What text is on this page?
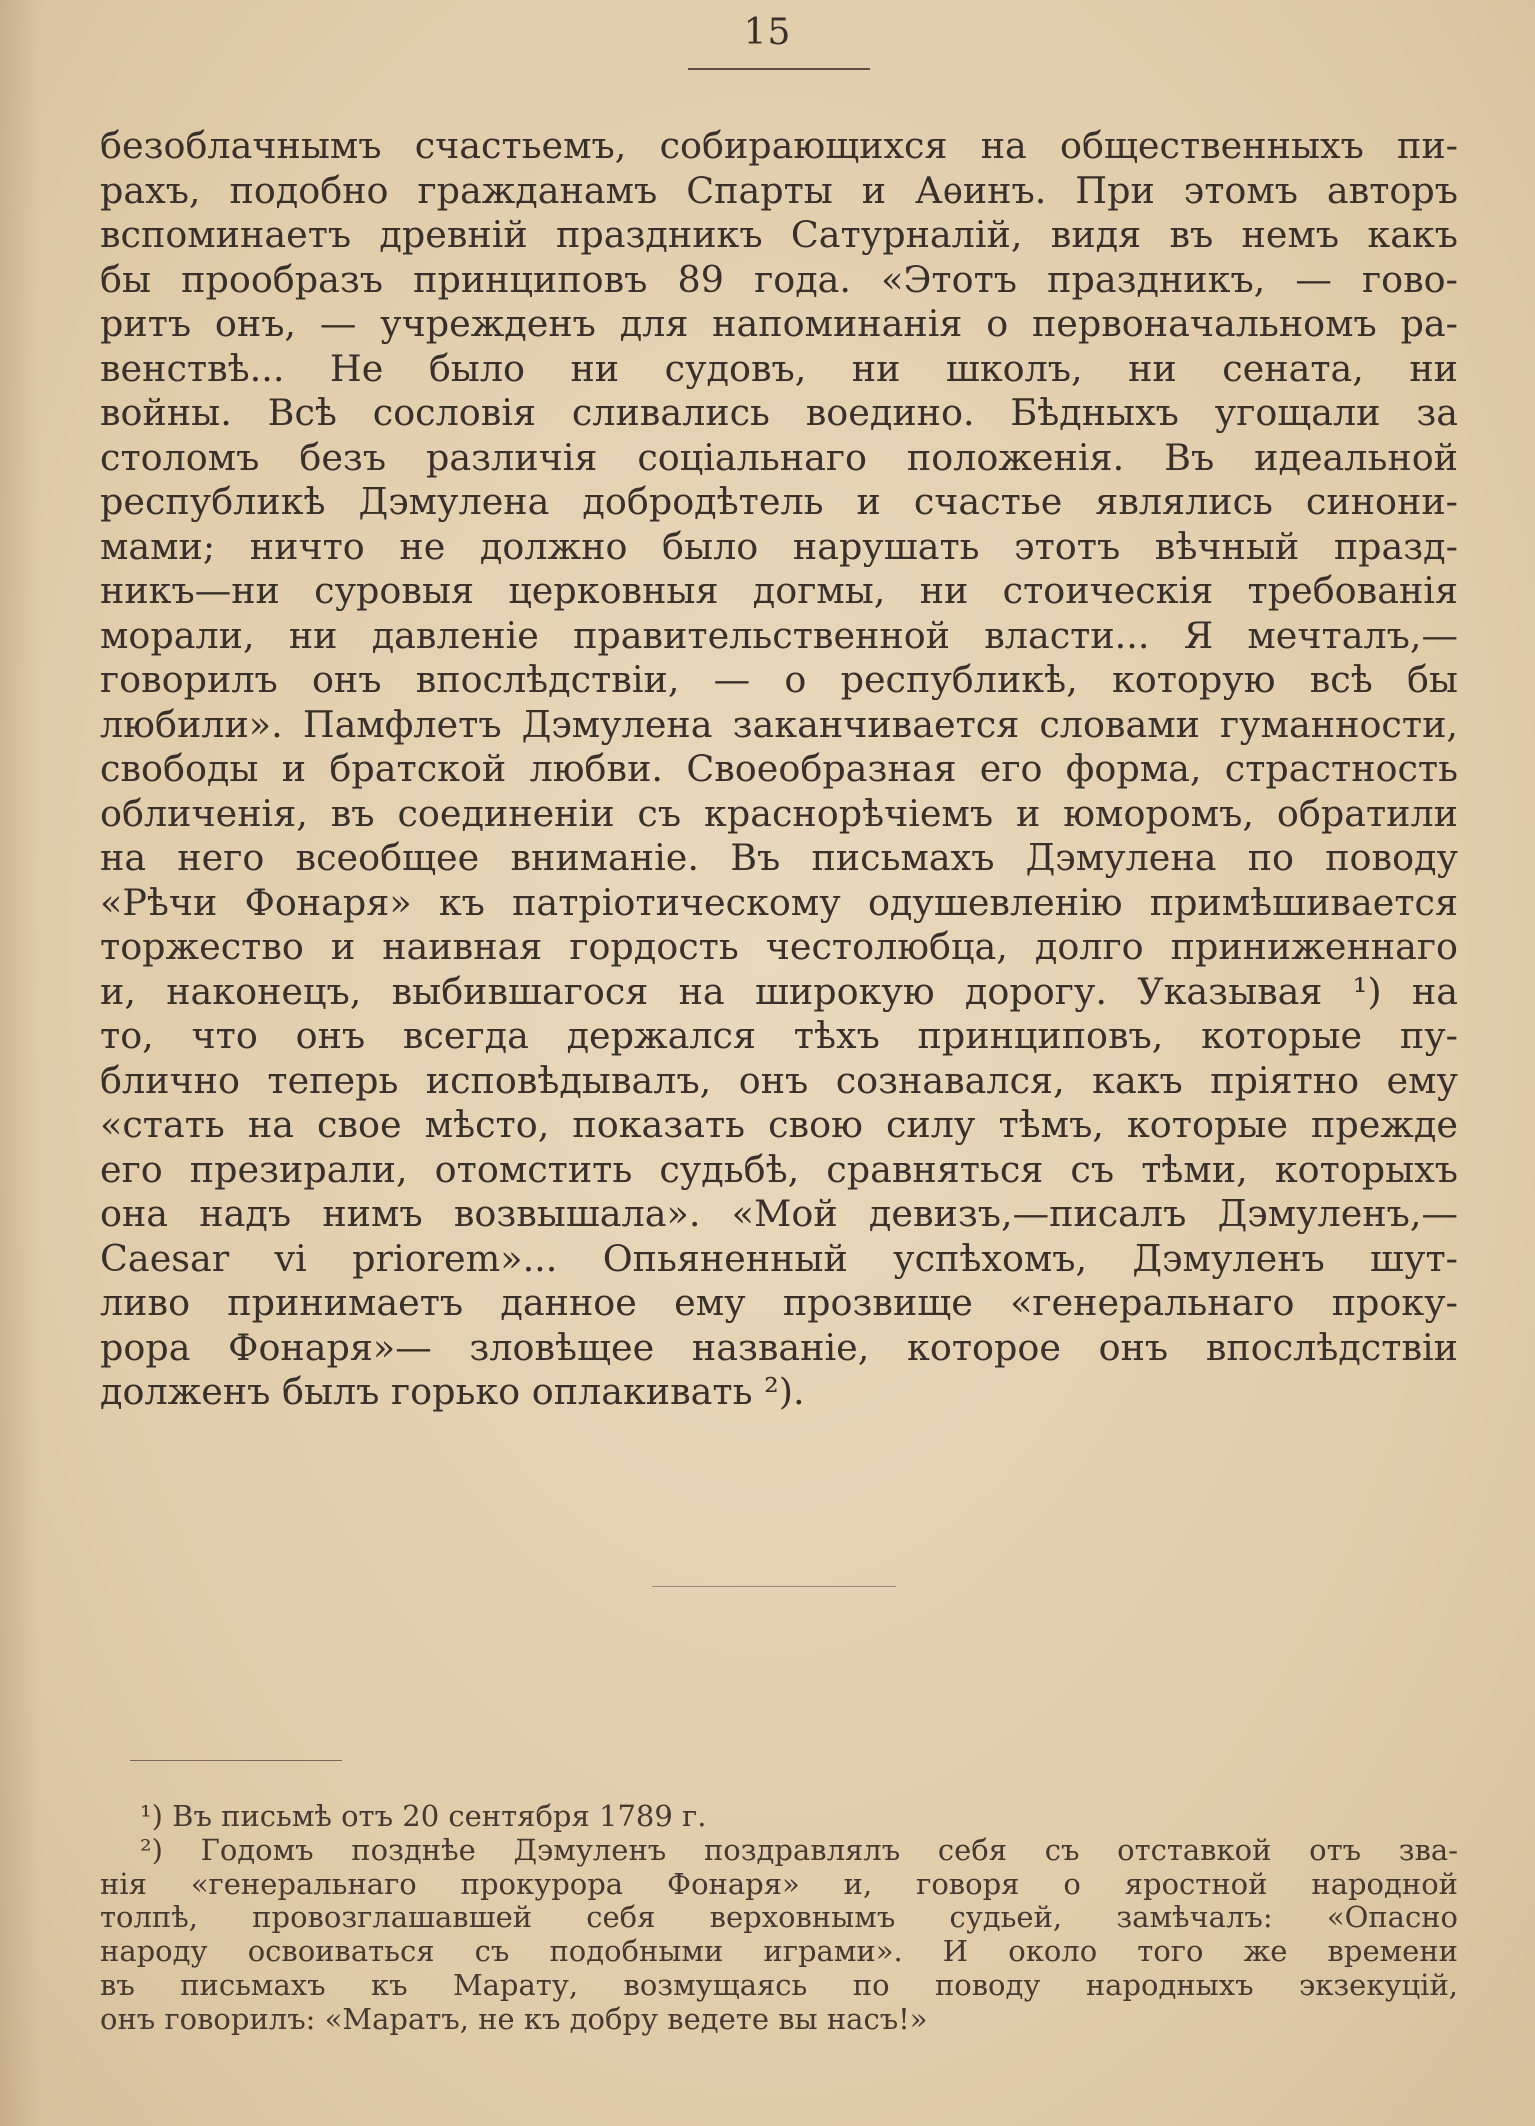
15
безоблачнымъ счастьемъ, собирающихся на общественныхъ пи-
рахъ, подобно гражданамъ Спарты и Аѳинъ. При этомъ авторъ
вспоминаетъ древній праздникъ Сатурналій, видя въ немъ какъ
бы прообразъ принциповъ 89 года. «Этотъ праздникъ, — гово-
ритъ онъ, — учрежденъ для напоминанія о первоначальномъ ра-
венствѣ... Не было ни судовъ, ни школъ, ни сената, ни
войны. Всѣ сословія сливались воедино. Бѣдныхъ угощали за
столомъ безъ различія соціальнаго положенія. Въ идеальной
республикѣ Дэмулена добродѣтель и счастье являлись синони-
мами; ничто не должно было нарушать этотъ вѣчный празд-
никъ—ни суровыя церковныя догмы, ни стоическія требованія
морали, ни давленіе правительственной власти... Я мечталъ,—
говорилъ онъ впослѣдствіи, — о республикѣ, которую всѣ бы
любили». Памфлетъ Дэмулена заканчивается словами гуманности,
свободы и братской любви. Своеобразная его форма, страстность
обличенія, въ соединеніи съ краснорѣчіемъ и юморомъ, обратили
на него всеобщее вниманіе. Въ письмахъ Дэмулена по поводу
«Рѣчи Фонаря» къ патріотическому одушевленію примѣшивается
торжество и наивная гордость честолюбца, долго приниженнаго
и, наконецъ, выбившагося на широкую дорогу. Указывая ¹) на
то, что онъ всегда держался тѣхъ принциповъ, которые пу-
блично теперь исповѣдывалъ, онъ сознавался, какъ пріятно ему
«стать на свое мѣсто, показать свою силу тѣмъ, которые прежде
его презирали, отомстить судьбѣ, сравняться съ тѣми, которыхъ
она надъ нимъ возвышала». «Мой девизъ,—писалъ Дэмуленъ,—
Caesar vi priorem»... Опьяненный успѣхомъ, Дэмуленъ шут-
ливо принимаетъ данное ему прозвище «генеральнаго проку-
рора Фонаря»— зловѣщее названіе, которое онъ впослѣдствіи
долженъ былъ горько оплакивать ²).
¹) Въ письмѣ отъ 20 сентября 1789 г.
²) Годомъ позднѣе Дэмуленъ поздравлялъ себя съ отставкой отъ зва-
нія «генеральнаго прокурора Фонаря» и, говоря о яростной народной
толпѣ, провозглашавшей себя верховнымъ судьей, замѣчалъ: «Опасно
народу освоиваться съ подобными играми». И около того же времени
въ письмахъ къ Марату, возмущаясь по поводу народныхъ экзекуцій,
онъ говорилъ: «Маратъ, не къ добру ведете вы насъ!»
